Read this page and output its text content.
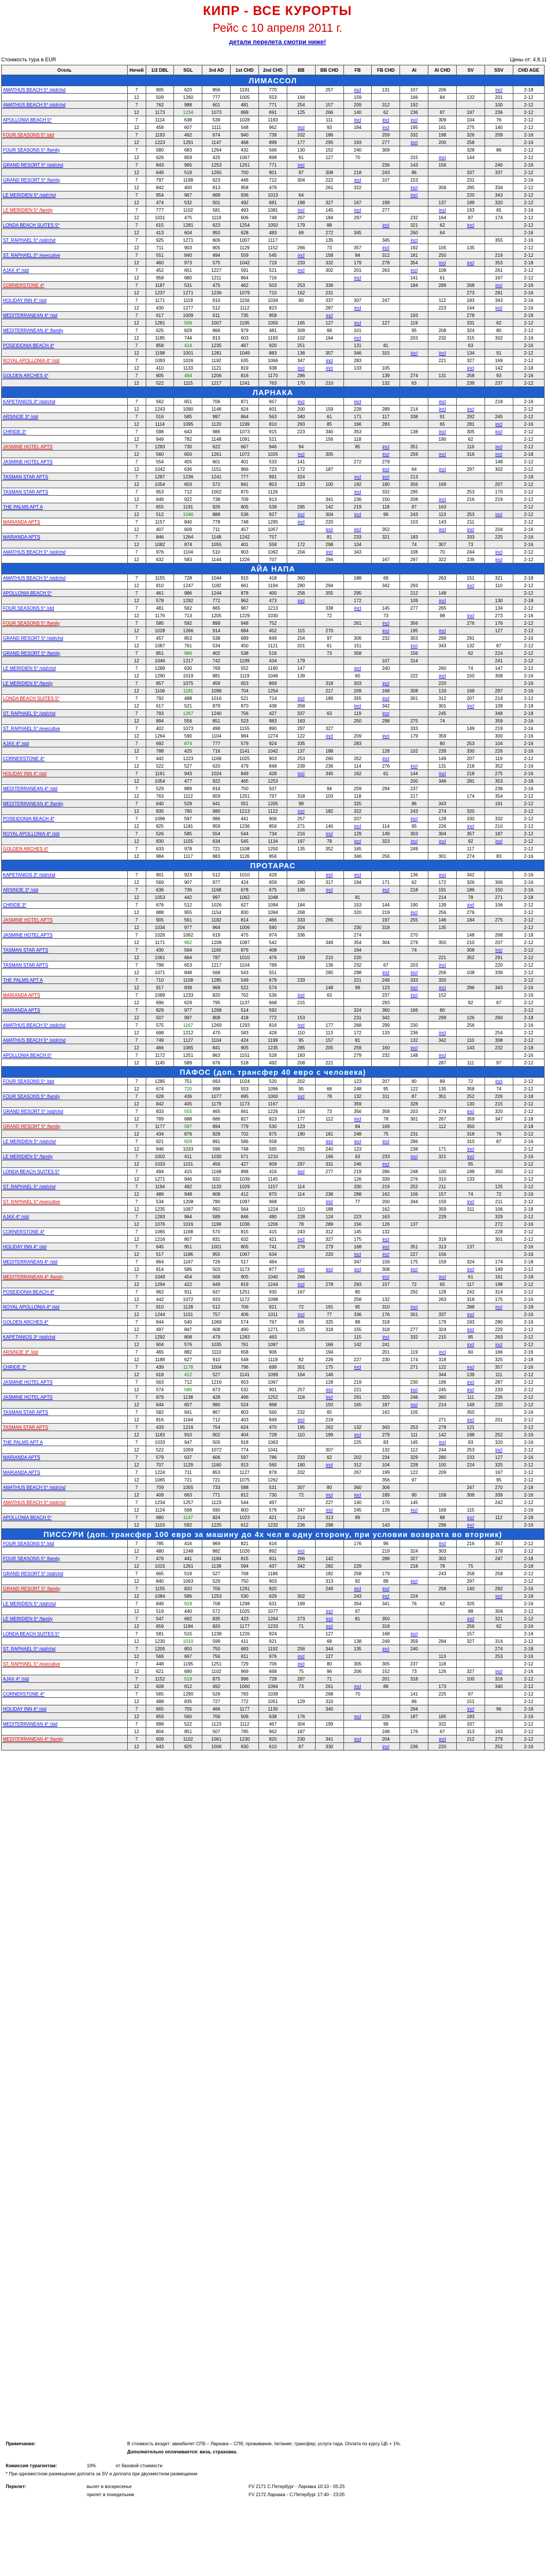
КИПР - ВСЕ КУРОРТЫ
Рейс с 10 апреля 2011 г.
детали перелета смотри ниже!
Стоимость тура в EUR	Цены от: 4.8.11
Отель	Ночей	1/2 DBL	SGL	3rd AD	1st CHD	2nd CHD	BB	BB CHD	FB	FB CHD	AI	AI CHD	SV	SSV	CHD AGE
ЛИМАССОЛ															
AMATHUS BEACH 5* /std/chd	7	905	620	856	1191	770		257	incl	131	107	206		incl	2-18
	12	509	1260	777	1005	553	194		159		166	84	132	201	2-12
AMATHUS BEACH 5* /std/chd	7	762	988	601	481	771	254	157	209	312	192			100	2-12
	12	1173	1234	1073	899	691	125	266	140	62	236	87	197	236	2-12
APOLLONIA BEACH 5*	7	1114	638	539	1028	1183		111	incl	incl	incl	309	104	76	2-12
	12	458	607	1111	548	962	incl	93	184	incl	195	161	275	140	2-12
FOUR SEASONS 5* /std	7	1193	462	674	940	739	332	186		259	332	198	326	209	2-16
	12	1223	1291	1147	468	899	177	295	193	277	incl	200	258		2-16
FOUR SEASONS 5* /family	7	580	683	1264	432	566	130	152	240	309			328	86	2-12
	12	626	859	425	1067	898	91	127	70		315	incl	144		2-12
GRAND RESORT 5* /std/chd	7	843	965	1253	1251	771	incl			236	143	156		246	2-16
	12	649	519	1265	700	901	97	308	218	243	86		337	337	2-12
GRAND RESORT 5* /family	7	797	1199	623	446	712	304	222	incl	107	153		231		2-16
	12	842	400	813	958	479		261	322		incl	358	285	334	2-12
LE MERIDIEN 5* /std/chd	7	954	967	669	936	1013	64				incl		220	343	2-12
	12	474	532	501	492	681	198	327	167	199		137	189	320	2-12
LE MERIDIEN 5* /family	7	777	1102	581	493	1081	incl	145	incl	277		incl	193	65	2-16
	12	1031	475	1119	606	748	267	184	297		232	164	87	174	2-12
LONDA BEACH SUITES 5*	7	615	1281	623	1254	1050	179	88		incl	321	62	incl		2-12
	12	413	604	950	628	483	69	272	345		260	64			2-16
ST. RAPHAEL 5* /std/chd	7	925	1271	606	1007	1117		135		345	incl			355	2-16
	12	711	903	905	1129	1152	266	73	357	incl	192	105	135		2-12
ST. RAPHAEL 5* /executive	7	551	840	494	559	545	incl	158	84	312	181	250		219	2-12
	12	460	973	575	1042	719	233	332	179	278	354	incl	incl	353	2-18
AJAX 4* /std	7	452	651	1227	591	521	incl	302	201	263	incl	108		261	2-12
	12	958	680	1211	864	716			incl		141	61		167	2-12
CORNERSTONE 4*	7	1187	531	475	462	503	253	336			184	289	268	incl	2-16
	12	1237	1271	1236	1079	710	162	231					273	281	2-16
HOLIDAY INN 4* /std	7	1171	1119	910	1156	1034	90	337	307	247		112	183	343	2-16
	12	430	1277	512	1112	823		287	incl			223	144	incl	2-16
MEDITERRANEAN 4* /std	7	617	1009	611	735	958		incl			193		278		2-18
	12	1281	506	1007	1195	1050	165	127	incl	127	119		331	62	2-12
MEDITERRANEAN 4* /family	7	625	829	866	979	481	309	68	101		95	208	324	80	2-12
	12	1185	744	813	603	1193	102	164	incl		203	232	315	302	2-16
POSEIDONIA BEACH 4*	7	858	414	1235	467	920	251		131	81			63		2-16
	12	1198	1001	1281	1049	883	136	357	346	315	incl	incl	134	91	2-12
ROYAL APOLLONIA 4* /std	7	1093	1026	1192	635	1066	347	incl	283			221	327	169	2-12
	12	410	1133	1121	819	938	incl	incl	133	105			incl	142	2-18
GOLDEN ARCHES 4*	7	905	494	1206	816	1170	286			139	274	131	258	93	2-16
	12	522	1115	1217	1241	763	170	210		132	63		239	237	2-12
ЛАРНАКА															
KAPETANIOS 3* /std/chd	7	562	651	706	871	657	incl		incl			incl		218	2-16
	12	1243	1090	1146	624	601	200	159	228	289	214	incl	incl		2-12
ARSINOE 3* /std	7	516	585	997	864	563	340	61	171	117	338	91	292	245	2-12
	12	1114	1095	1120	1199	810	293	85	166	283		65	281	incl	2-16
CHRIDE 3*	7	598	643	986	1073	915	223	340	353		138	incl	305	incl	2-12
	12	949	782	1148	1091	521		156	118			190	62		2-12
JASMINE HOTEL APTS	7	1283	730	622	667	946	94		85	incl	351		116	incl	2-12
	12	560	650	1261	1072	1025	incl	305		incl	259	incl	316	incl	2-18
JASMINE HOTEL APTS	7	554	455	601	401	533	141		272	279				148	2-12
	12	1042	636	1151	966	723	172	187		incl	64	incl	297	302	2-12
TASMAN STAR APTS	7	1287	1236	1241	777	991	324		incl	incl	213				2-18
	12	1054	603	572	841	853	133	100	192	180	356	169		207	2-12
TASMAN STAR APTS	7	953	712	1002	870	1126			incl	332	295		253	170	2-12
	12	649	922	738	709	913		341	236	150	208	incl	216	219	2-12
THE PALMS APT A	7	655	1191	926	805	538	295	142	219	118	87	163			2-12
	12	512	1040	888	536	927	incl	304	incl	96	243	113	253	incl	2-12
MARIANDA APTS	7	1157	840	778	748	1295	incl	220			103	143	211		2-12
	12	407	609	711	457	1057		incl	incl	352		incl	incl	204	2-16
MARIANDA APTS	7	846	1264	1148	1242	757		81	233	321	183		333	225	2-16
	12	1082	874	1055	401	558	172	298	104		74	307	73		2-16
AMATHUS BEACH 5* /std/chd	7	976	1104	510	903	1062	204	incl	343		108	70	244	incl	2-12
	12	632	583	1144	1226	707		294		167	297	322	236	incl	2-12
АЙА НАПА															
AMATHUS BEACH 5* /std/chd	7	1155	728	1044	915	418	360		188	69		263	151	321	2-18
	12	810	1247	1182	661	1194	280	294		342	293		incl	110	2-12
APOLLONIA BEACH 5*	7	461	986	1244	878	400	256	355	295		212	148			2-12
	12	578	1292	772	962	473	incl		172		109	incl		130	2-18
FOUR SEASONS 5* /std	7	481	562	665	967	1213		338	incl	145	277	265		134	2-12
	12	1176	713	1205	1229	1030		72		73		98	incl	273	2-16
FOUR SEASONS 5* /family	7	585	592	899	948	752			261	incl	356		276	176	2-12
	12	1028	1266	914	684	452	115	270		incl	195	incl		127	2-12
GRAND RESORT 5* /std/chd	7	457	853	538	689	849	204	97	306	232	303	299	291		2-16
	12	1087	761	534	450	1121	201	61	151		incl	343	132	87	2-12
GRAND RESORT 5* /family	7	851	966	402	538	516		73	358		156		62	224	2-12
	12	1046	1217	742	1199	434	179			107	314			241	2-12
LE MERIDIEN 5* /std/chd	7	1289	630	769	552	1190	147		incl	240		260	74	147	2-12
	12	1290	1019	881	1119	1046	139		60		222	incl	150	308	2-16
LE MERIDIEN 5* /family	7	857	1075	459	653	869		318	303	incl		220			2-16
	12	1106	1191	1098	704	1254		217	209	168	308	133	169	297	2-16
LONDA BEACH SUITES 5*	7	792	488	1016	521	714	incl	189	355	incl	301	312	207	214	2-12
	12	617	521	879	870	438	358		incl	342		301	incl	109	2-18
ST. RAPHAEL 5* /std/chd	7	793	1267	1240	756	427	337	63	119	incl		245		348	2-18
	12	894	556	851	523	983	163		250	298	275	74		359	2-16
ST. RAPHAEL 5* /executive	7	402	1073	498	1155	890	297	327			333		149	219	2-16
	12	1264	590	1104	984	1274	122	incl	209	incl	179	359		300	2-16
AJAX 4* /std	7	692	874	777	579	924	335		283			80	253	104	2-16
	12	788	425	716	1141	1042	137	188		128	102	239	330	226	2-16
CORNERSTONE 4*	7	442	1223	1169	1025	903	253	260	352	incl		149	207	119	2-12
	12	522	527	620	479	848	239	236	114	276	incl	131	218	352	2-16
HOLIDAY INN 4* /std	7	1161	943	1024	849	428	incl	345	162	61	144	incl	218	275	2-16
	12	1054	477	922	465	1253					200	346	281	353	2-18
MEDITERRANEAN 4* /std	7	529	889	814	750	507		94	259	294	237			236	2-16
	12	763	1112	659	1251	797	318	103	118		217		174	354	2-12
MEDITERRANEAN 4* /family	7	640	529	641	551	1205	98		325		86	343		191	2-12
	12	835	780	980	1213	1122	incl	182	322		243	274	320		2-12
POSEIDONIA BEACH 4*	7	1096	597	986	441	906	257		207		incl	128	330	332	2-12
	12	825	1181	959	1236	856	271	140	incl	114	95	226	incl	210	2-12
ROYAL APOLLONIA 4* /std	7	526	585	554	544	734	216	incl	129	149	303	304	357	187	2-12
	12	830	1155	634	545	1134	197	78	incl	323	incl	incl	92	incl	2-12
GOLDEN ARCHES 4*	7	633	978	721	1108	1250	135	352	165		249		117		2-12
	12	984	1117	883	1126	856			346	256		301	274	83	2-16
ПРОТАРАС															
KAPETANIOS 3* /std/chd	7	901	923	512	1010	429		incl	incl		136	incl	342		2-16
	12	569	907	977	424	659	280	317	194	171	62	172	326	306	2-16
ARSINOE 3* /std	7	636	736	1168	678	675	106	incl		incl	218	191	186	150	2-16
	12	1053	442	997	1062	1048			81			214	78	271	2-18
CHRIDE 3*	7	676	512	1026	627	1094	184		153	144	190	139	incl	106	2-12
	12	888	955	1154	830	1094	268		320	219	incl	256	276		2-12
JASMINE HOTEL APTS	7	905	561	1182	814	466	333	265		197	255	146	184	275	2-12
	12	1034	977	964	1006	580	204		230	318		135			2-12
JASMINE HOTEL APTS	7	1026	1062	619	475	974	336		274		270		148	268	2-18
	12	1171	962	1208	1087	542		349	354	304	279	350	210	207	2-12
TASMAN STAR APTS	7	430	564	1165	876	408			164		74		308	incl	2-12
	12	1061	664	787	1010	476	159	210	220			221	352	291	2-12
TASMAN STAR APTS	7	798	653	1217	1104	789		136	232	67	203	incl		220	2-12
	12	1071	848	568	543	551		285	298	incl	incl	206	108	339	2-12
THE PALMS APT A	7	710	1109	1285	549	679	233		221	249	333	320			2-12
	12	917	838	969	522	574		148	99	123	incl	incl	286	343	2-16
MARIANDA APTS	7	1089	1233	820	762	536	incl	63		237	incl	152			2-16
	12	696	629	795	1137	668	215			293			92	67	2-12
MARIANDA APTS	7	829	977	1268	514	592			324	360	166	80			2-12
	12	507	997	808	418	772	153		231	342		299	126	260	2-18
AMATHUS BEACH 5* /std/chd	7	575	1167	1269	1293	816	incl	177	268	299	230		256		2-16
	12	698	1212	470	583	428	110	113	172	133	236	incl		254	2-12
AMATHUS BEACH 5* /std/chd	7	749	1127	1104	424	1199	95	157	81		132	342	110	308	2-12
	12	466	1065	841	905	1235	285	205	259	160	incl		143	232	2-18
APOLLONIA BEACH 5*	7	1172	1251	863	1151	528	183		279	232	148	incl			2-16
	12	1145	589	676	518	492	208	221				287	111	97	2-12
ПАФОС (доп. трансфер 40 евро с человека)															
FOUR SEASONS 5* /std	7	1285	751	693	1024	520	202		123	207	80	89	72	incl	2-12
	12	674	720	998	553	1096	95	68	248	95	122	135	358	74	2-12
FOUR SEASONS 5* /family	7	628	436	1077	695	1000	incl	78	132	311	87	351	252	226	2-18
	12	842	405	1179	1173	1167			359		328		130	215	2-12
GRAND RESORT 5* /std/chd	7	833	555	465	841	1226	104	73	356	358	203	274	incl	320	2-12
	12	789	688	686	827	823	177	112	incl	78	301	267	359	347	2-18
GRAND RESORT 5* /family	7	1177	597	894	779	530	123		84	169		112	350		2-18
	12	434	876	828	702	975	190	181	248	75	231		318	76	2-12
LE MERIDIEN 5* /std/chd	7	921	929	891	586	558		incl	incl	incl	286		310	87	2-16
	12	946	1033	596	748	565	291	240	123		238	171	incl		2-12
LE MERIDIEN 5* /family	7	1002	611	1030	571	1210		166	63	233	incl	321	incl		2-16
	12	1033	1151	456	427	909	297	331	246	incl			95		2-12
LONDA BEACH SUITES 5*	7	494	415	1168	898	416	incl	277	219	286	248	100	188	350	2-12
	12	1271	946	932	1039	1145			126	339	276	310	133		2-12
ST. RAPHAEL 5* /std/chd	7	1194	492	1133	1029	1157	114		330	219	252	211		125	2-12
	12	486	948	608	412	970	114	236	288	162	106	157	74	72	2-16
ST. RAPHAEL 5* /executive	7	534	1208	780	1097	968		incl	77	200	344	159	incl	211	2-12
	12	1235	1097	992	564	1224	110	188		162		359	311	106	2-18
AJAX 4* /std	7	1293	964	589	846	480	228	124	223	163		229		329	2-12
	12	1076	1016	1199	1036	1206	78	289	156	126	137			272	2-16
CORNERSTONE 4*	7	1065	1168	570	815	415	243	312	145	132				228	2-12
	12	1216	807	831	632	421	incl	327	175	incl		319		301	2-12
HOLIDAY INN 4* /std	7	645	951	1001	805	741	278	279	168	incl	351	313	137		2-16
	12	517	1186	955	1067	634		220	incl	incl	227	156			2-16
MEDITERRANEAN 4* /std	7	864	1167	726	517	484			347	158	175	159	324	174	2-18
	12	814	586	503	1173	877	incl	incl	incl	308	incl		incl	149	2-12
MEDITERRANEAN 4* /family	7	1049	454	569	905	1040	266			incl		incl	61	161	2-18
	12	1294	422	649	819	1244	incl	278	293	157	72	65	117	198	2-12
POSEIDONIA BEACH 4*	7	962	911	637	1251	930	167		80		292	128	242	314	2-12
	12	442	1072	933	1172	1098			258	132		263	318	175	2-16
ROYAL APOLLONIA 4* /std	7	910	1128	512	706	921	72	191	95	310	incl		288	incl	2-18
	12	1244	1151	757	406	1011	incl	77	336	176	301	337	incl		2-16
GOLDEN ARCHES 4*	7	844	540	1069	574	767	69	325	88	318		179	193	280	2-16
	12	497	847	608	490	1271	125	318	155	318	277	324	incl	220	2-12
KAPETANIOS 3* /std/chd	7	1292	808	479	1283	463			115	incl	332	215	95	263	2-12
	12	904	576	1035	761	1097		166	142	241			incl	incl	2-12
ARSINOE 3* /std	7	465	882	1110	658	906		194		201	119	incl	60	166	2-16
	12	1188	627	910	548	1118	82	226	227	230	174	318		325	2-18
CHRIDE 3*	7	439	1178	1004	796	699	301	175	incl		271	122	incl	357	2-16
	12	618	412	527	1141	1099	164	146				344	139	111	2-12
JASMINE HOTEL APTS	7	563	712	1216	653	1067		128	219		230	196	incl	287	2-12
	12	574	580	673	532	901	257	incl	221		incl	245	incl	233	2-12
JASMINE HOTEL APTS	7	879	1138	428	496	1252	118	incl	291	320	246	360	111	235	2-12
	12	644	657	980	524	968		150	165	187	incl	214	149	220	2-12
TASMAN STAR APTS	7	582	941	867	803	560	232	65		162	105		350		2-16
	12	816	1164	712	403	849	incl	219				271	incl	201	2-12
TASMAN STAR APTS	7	433	1216	754	624	470	195	262	132	343	253	278	121		2-12
	12	1183	910	902	404	728	110	199	incl	279	111	142	188	252	2-16
THE PALMS APT A	7	1033	947	505	918	1063			225	83	145	incl	93	320	2-16
	12	522	1059	1072	774	1041		307		132	112	244	253	incl	2-12
MARIANDA APTS	7	579	637	606	597	786	233	62	202	234	329	280	233	127	2-16
	12	707	1129	1160	913	565	180	incl	312	104	228	100	224	325	2-12
MARIANDA APTS	7	1224	711	853	1127	878	332		267	199	122	209		167	2-12
	12	1065	721	721	1075	1262				356	97			95	2-12
AMATHUS BEACH 5* /std/chd	7	709	1055	733	588	531	307	80	360	306			247	270	2-18
	12	409	663	771	812	730	72	incl	incl	189	90	158	306	339	2-16
AMATHUS BEACH 5* /std/chd	7	1234	1257	1123	544	497		227	140	170	145			242	2-12
	12	1124	568	590	800	576	347	incl	245	139	incl	169	115		2-16
APOLLONIA BEACH 5*	7	680	1147	824	1023	421	214	313	89			88	incl	112	2-18
	12	1103	592	1225	612	1232	236	298		143		296	incl		2-16
ПИССУРИ (доп. трансфер 100 евро за машину до 4х чел в одну сторону, при условии возврата во вторник)															
FOUR SEASONS 5* /std	7	785	416	969	821	616			176	96		incl	216	357	2-12
	12	480	1248	882	1026	892	incl			219	324	303		178	2-12
FOUR SEASONS 5* /family	7	476	441	1184	815	811	266	142		288	327	302		247	2-18
	12	1015	1261	1139	594	437	342	282	229		218	78	75		2-18
GRAND RESORT 5* /std/chd	7	665	519	527	768	1186		182	258	179		243	258	258	2-12
	12	840	1063	529	750	903		313	92	89	incl		297		2-12
GRAND RESORT 5* /family	7	1155	820	706	1291	820		249	incl	incl		258	140	292	2-16
	12	1084	586	1253	530	629	302		243	incl	224			incl	2-18
LE MERIDIEN 5* /std/chd	7	849	918	708	1298	631	199		354	341	76	62	325		2-16
	12	519	440	572	1025	1077		incl	67				98	304	2-12
LE MERIDIEN 5* /family	7	547	692	835	423	1264	273	incl	81	350			incl	321	2-12
	12	659	1184	820	1177	1233	71	incl		318			256	62	2-16
LONDA BEACH SUITES 5*	7	581	515	1238	1226	924		127		168	incl		157		2-16
	12	1230	1010	599	411	921		68	138	249	359	284	327	314	2-12
ST. RAPHAEL 5* /std/chd	7	1205	850	750	683	1192	256	344	135	incl	240			274	2-18
	12	566	667	756	811	976	incl	127				113		253	2-16
ST. RAPHAEL 5* /executive	7	448	1195	1251	729	706	incl	80	305	305	237	118			2-12
	12	621	690	1102	969	668	75	96	206	152	73	126	327	incl	2-16
AJAX 4* /std	7	1152	519	875	996	728	287	71		201	318		100	316	2-12
	12	608	612	492	1060	1094	73	261	incl	88		173		340	2-12
CORNERSTONE 4*	7	565	1290	526	783	1039		268	70		141	225	97		2-12
	12	488	835	727	772	1051	129	310			86		151		2-12
HOLIDAY INN 4* /std	7	665	755	466	1177	1130		340			294		incl	96	2-18
	12	659	560	706	506	638	176		incl	229	187	185	183		2-16
MEDITERRANEAN 4* /std	7	898	522	1123	1112	467	304	199		99		332	337		2-12
	12	804	851	507	785	962	187			248	176	67	313	163	2-12
MEDITERRANEAN 4* /family	7	609	1102	1061	1230	820	230	341	incl	204		incl	212	279	2-12
	12	643	825	1006	630	610	67	330		incl	236	220		252	2-16
Примечание:	В стоимость входит: авиабилет СПб – Ларнака – СПб; проживание, питание; трансфер; услуги гида. Оплата по курсу ЦБ + 1%.
Дополнительно оплачивается: виза, страховка.
Комиссия турагентам:	10%	от базовой стоимости
* При одноместном размещении доплата за SV и доплата при двухместном размещении
Перелет:	вылет в воскресенье	FV 2171 С.Петербург - Ларнака 10:10 - 05:25
прилет в понедельник	FV 2172 Ларнака - С.Петербург 17:40 - 23:05
